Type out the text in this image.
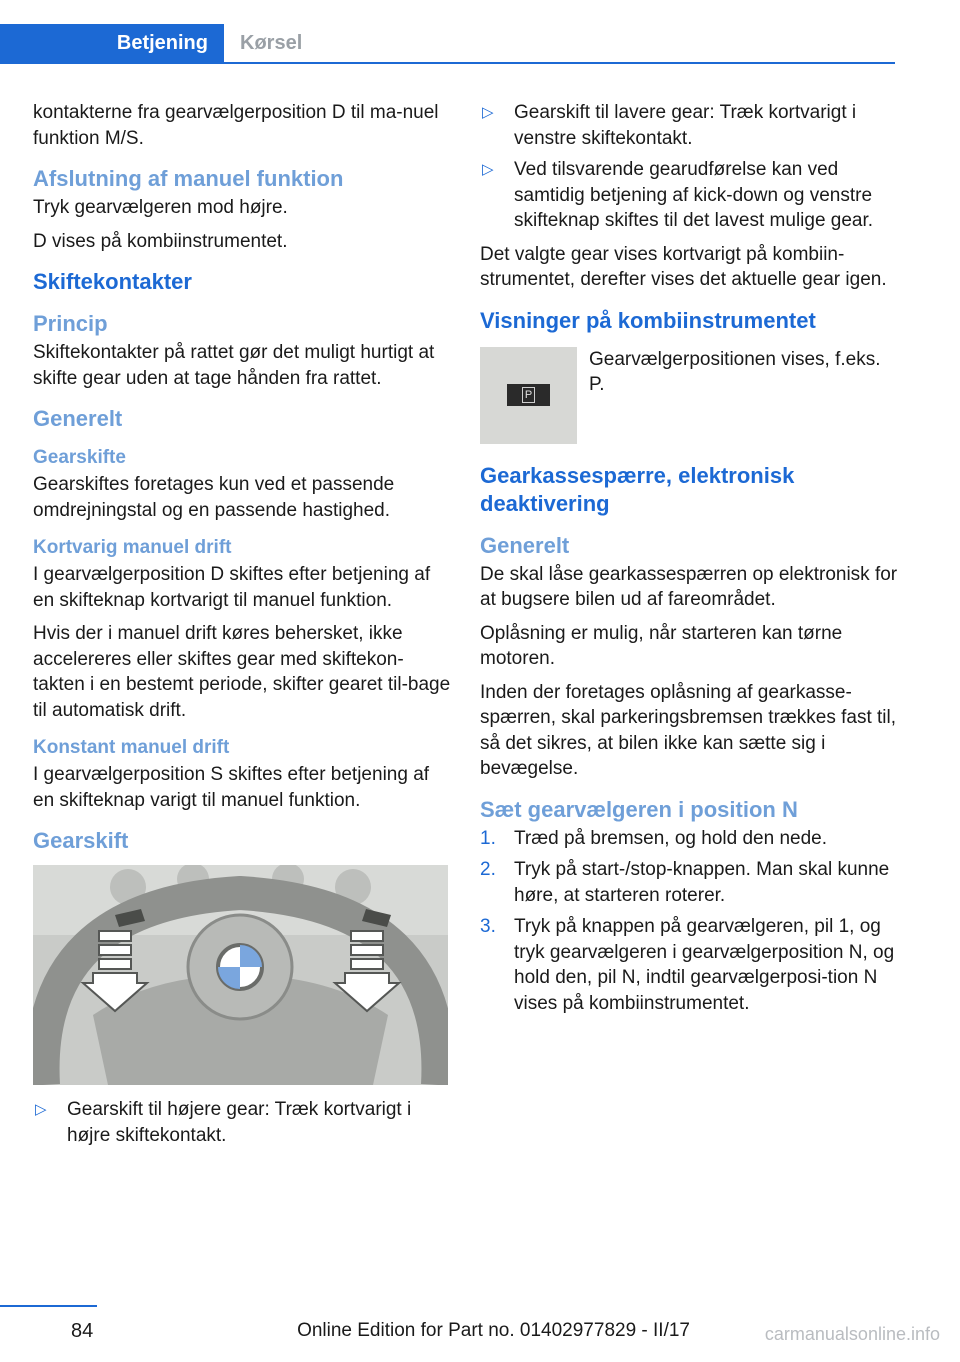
Betjening Kørsel

kontakterne fra gearvælgerposition D til ma-nuel funktion M/S.

Afslutning af manuel funktion

Tryk gearvælgeren mod højre.

D vises på kombiinstrumentet.

Skiftekontakter
Princip

Skiftekontakter på rattet gør det muligt hurtigt at skifte gear uden at tage hånden fra rattet.

Generelt
Gearskifte

Gearskiftes foretages kun ved et passende omdrejningstal og en passende hastighed.

Kortvarig manuel drift

I gearvælgerposition D skiftes efter betjening af en skifteknap kortvarigt til manuel funktion.

Hvis der i manuel drift køres behersket, ikke accelereres eller skiftes gear med skiftekon-takten i en bestemt periode, skifter gearet til-bage til automatisk drift.

Konstant manuel drift

I gearvælgerposition S skiftes efter betjening af en skifteknap varigt til manuel funktion.

Gearskift
▷ Gearskift til højere gear: Træk kortvarigt i højre skiftekontakt.
▷ Gearskift til lavere gear: Træk kortvarigt i venstre skiftekontakt.
▷ Ved tilsvarende gearudførelse kan ved samtidig betjening af kick-down og venstre skifteknap skiftes til det lavest mulige gear.

Det valgte gear vises kortvarigt på kombiin-strumentet, derefter vises det aktuelle gear igen.

Visninger på kombiinstrumentet
P

Gearvælgerpositionen vises, f.eks. P.

Gearkassespærre, elektronisk deaktivering
Generelt

De skal låse gearkassespærren op elektronisk for at bugsere bilen ud af fareområdet.

Oplåsning er mulig, når starteren kan tørne motoren.

Inden der foretages oplåsning af gearkasse-spærren, skal parkeringsbremsen trækkes fast til, så det sikres, at bilen ikke kan sætte sig i bevægelse.

Sæt gearvælgeren i position N
1. Træd på bremsen, og hold den nede.
2. Tryk på start-/stop-knappen. Man skal kunne høre, at starteren roterer.
3. Tryk på knappen på gearvælgeren, pil 1, og tryk gearvælgeren i gearvælgerposition N, og hold den, pil N, indtil gearvælgerposi-tion N vises på kombiinstrumentet.
84	Online Edition for Part no. 01402977829 - II/17	carmanualsonline.info
